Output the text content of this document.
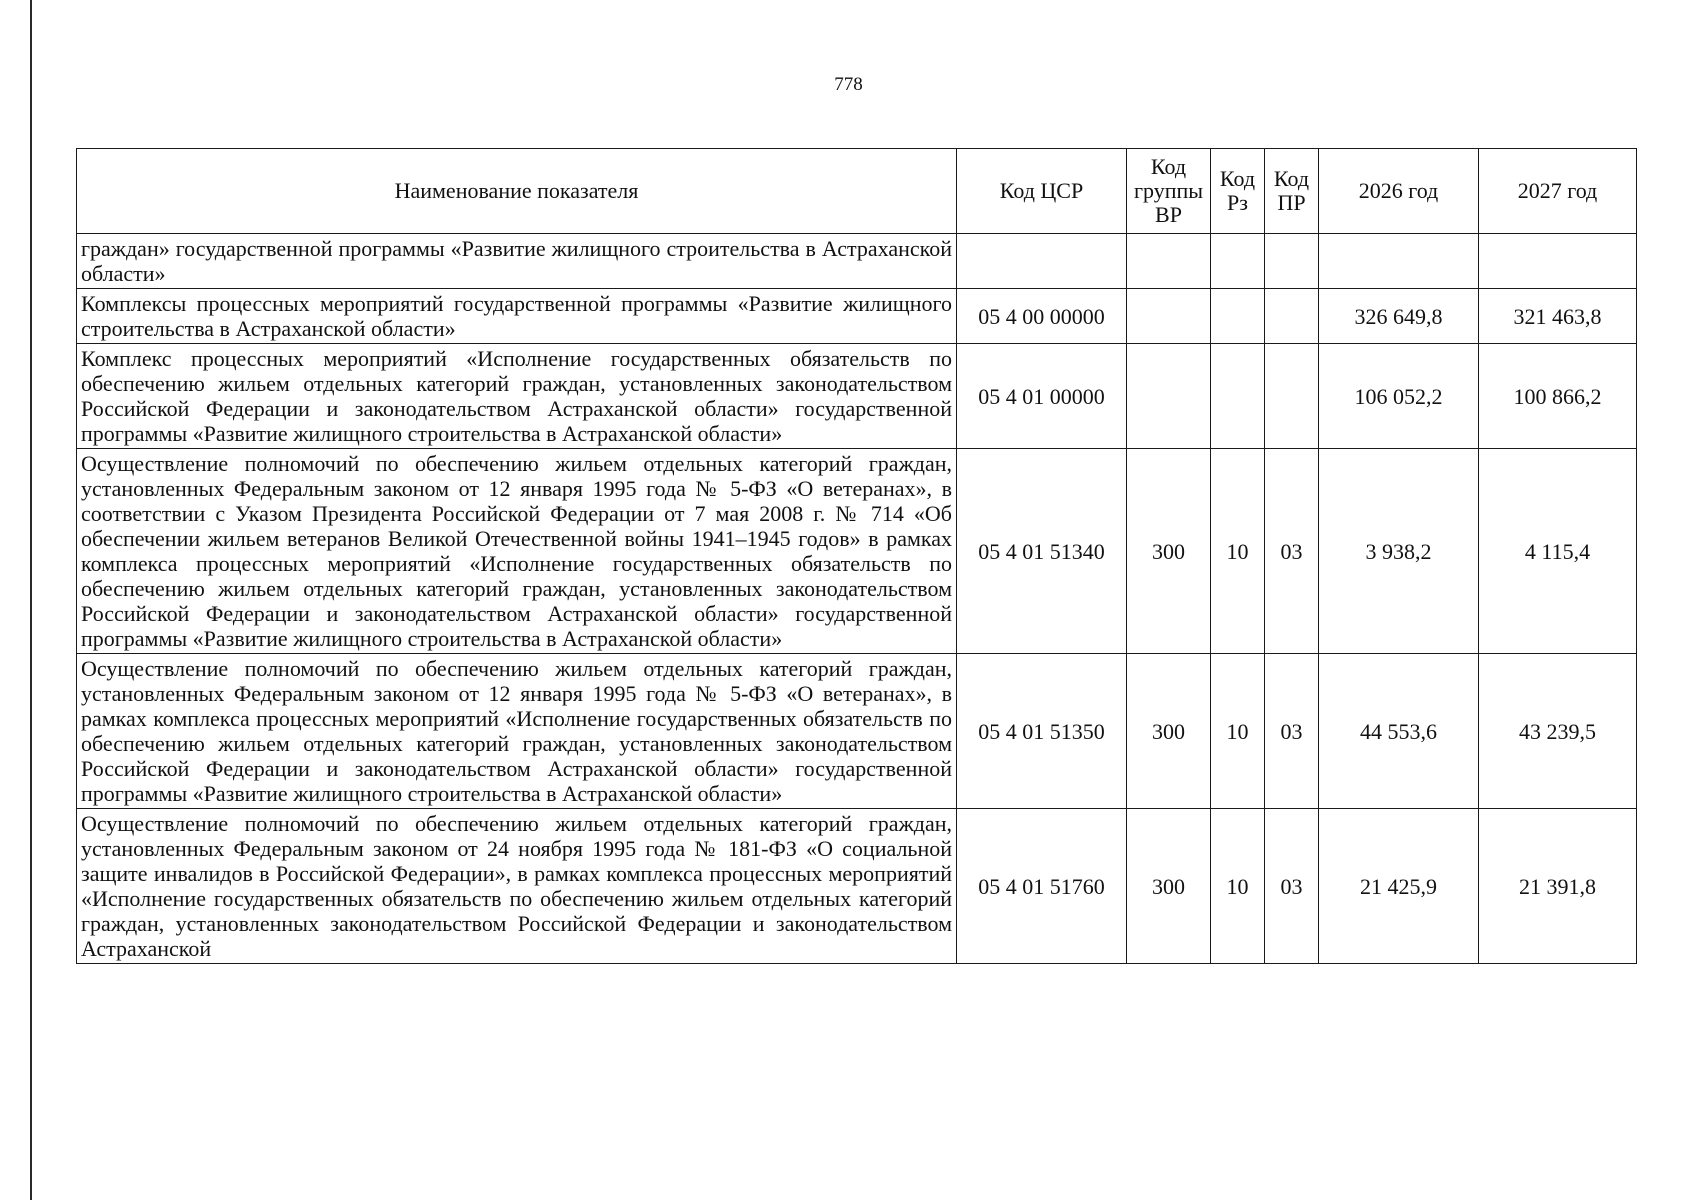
778
Наименование показателя	Код ЦСР	Код группы ВР	Код Рз	Код ПР	2026 год	2027 год
граждан» государственной программы «Развитие жилищного строительства в Астраханской области»						
Комплексы процессных мероприятий государственной программы «Развитие жилищного строительства в Астраханской области»	05 4 00 00000				326 649,8	321 463,8
Комплекс процессных мероприятий «Исполнение государственных обязательств по обеспечению жильем отдельных категорий граждан, установленных законодательством Российской Федерации и законодательством Астраханской области» государственной программы «Развитие жилищного строительства в Астраханской области»	05 4 01 00000				106 052,2	100 866,2
Осуществление полномочий по обеспечению жильем отдельных категорий граждан, установленных Федеральным законом от 12 января 1995 года № 5-ФЗ «О ветеранах», в соответствии с Указом Президента Российской Федерации от 7 мая 2008 г. № 714 «Об обеспечении жильем ветеранов Великой Отечественной войны 1941–1945 годов» в рамках комплекса процессных мероприятий «Исполнение государственных обязательств по обеспечению жильем отдельных категорий граждан, установленных законодательством Российской Федерации и законодательством Астраханской области» государственной программы «Развитие жилищного строительства в Астраханской области»	05 4 01 51340	300	10	03	3 938,2	4 115,4
Осуществление полномочий по обеспечению жильем отдельных категорий граждан, установленных Федеральным законом от 12 января 1995 года № 5-ФЗ «О ветеранах», в рамках комплекса процессных мероприятий «Исполнение государственных обязательств по обеспечению жильем отдельных категорий граждан, установленных законодательством Российской Федерации и законодательством Астраханской области» государственной программы «Развитие жилищного строительства в Астраханской области»	05 4 01 51350	300	10	03	44 553,6	43 239,5
Осуществление полномочий по обеспечению жильем отдельных категорий граждан, установленных Федеральным законом от 24 ноября 1995 года № 181-ФЗ «О социальной защите инвалидов в Российской Федерации», в рамках комплекса процессных мероприятий «Исполнение государственных обязательств по обеспечению жильем отдельных категорий граждан, установленных законодательством Российской Федерации и законодательством Астраханской	05 4 01 51760	300	10	03	21 425,9	21 391,8
